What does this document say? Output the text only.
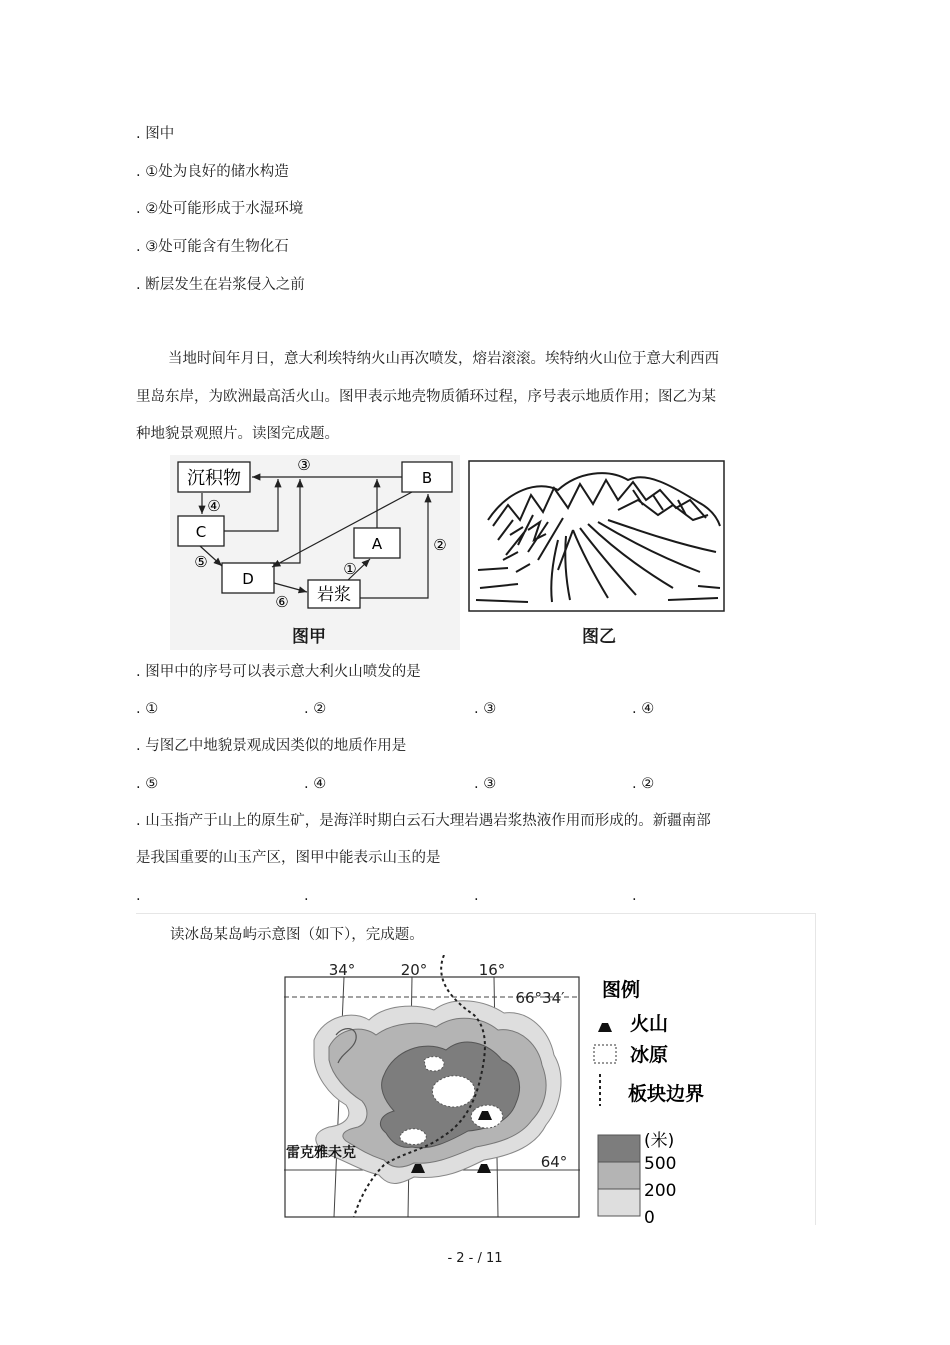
. 图中
. ①处为良好的储水构造
. ②处可能形成于水湿环境
. ③处可能含有生物化石
. 断层发生在岩浆侵入之前
当地时间年月日，意大利埃特纳火山再次喷发，熔岩滚滚。埃特纳火山位于意大利西西
里岛东岸，为欧洲最高活火山。图甲表示地壳物质循环过程，序号表示地质作用；图乙为某
种地貌景观照片。读图完成题。
沉积物	B
C
A
D
岩浆
③
④
⑤
⑥
①
②
图甲	图乙
. 图甲中的序号可以表示意大利火山喷发的是
. ①	. ②	. ③	. ④
. 与图乙中地貌景观成因类似的地质作用是
. ⑤	. ④	. ③	. ②
. 山玉指产于山上的原生矿，是海洋时期白云石大理岩遇岩浆热液作用而形成的。新疆南部
是我国重要的山玉产区，图甲中能表示山玉的是
.	.	.	.
读冰岛某岛屿示意图（如下），完成题。
34°	20°	16°
66°34′
64°
雷克雅未克
图例
火山
冰原
板块边界
(米)
500
200
0
- 2 - / 11
